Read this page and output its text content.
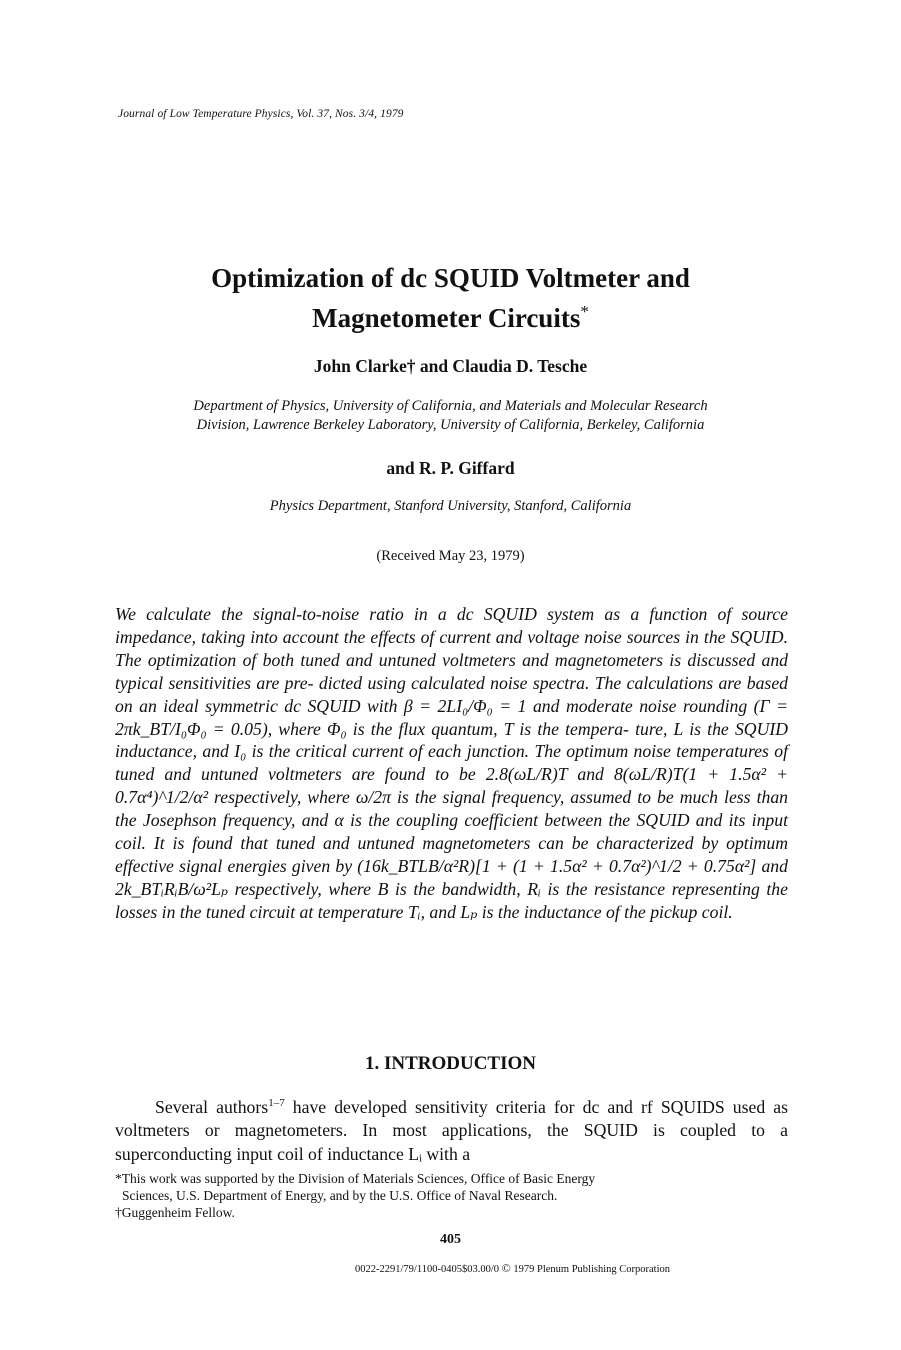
Journal of Low Temperature Physics, Vol. 37, Nos. 3/4, 1979
Optimization of dc SQUID Voltmeter and
Magnetometer Circuits*
John Clarke† and Claudia D. Tesche
Department of Physics, University of California, and Materials and Molecular Research
Division, Lawrence Berkeley Laboratory, University of California, Berkeley, California
and R. P. Giffard
Physics Department, Stanford University, Stanford, California
(Received May 23, 1979)

We calculate the signal-to-noise ratio in a dc SQUID system as a function of source impedance, taking into account the effects of current and voltage noise sources in the SQUID. The optimization of both tuned and untuned voltmeters and magnetometers is discussed and typical sensitivities are pre- dicted using calculated noise spectra. The calculations are based on an ideal symmetric dc SQUID with β = 2LI₀/Φ₀ = 1 and moderate noise rounding (Γ = 2πk_BT/I₀Φ₀ = 0.05), where Φ₀ is the flux quantum, T is the tempera- ture, L is the SQUID inductance, and I₀ is the critical current of each junction. The optimum noise temperatures of tuned and untuned voltmeters are found to be 2.8(ωL/R)T and 8(ωL/R)T(1 + 1.5α² + 0.7α⁴)^1/2/α² respectively, where ω/2π is the signal frequency, assumed to be much less than the Josephson frequency, and α is the coupling coefficient between the SQUID and its input coil. It is found that tuned and untuned magnetometers can be characterized by optimum effective signal energies given by (16k_BTLB/α²R)[1 + (1 + 1.5α² + 0.7α²)^1/2 + 0.75α²] and 2k_BTᵢRᵢB/ω²Lₚ respectively, where B is the bandwidth, Rᵢ is the resistance representing the losses in the tuned circuit at temperature Tᵢ, and Lₚ is the inductance of the pickup coil.

1. INTRODUCTION

Several authors$^{1-7}$ have developed sensitivity criteria for dc and rf SQUIDS used as voltmeters or magnetometers. In most applications, the SQUID is coupled to a superconducting input coil of inductance Lᵢ with a

*This work was supported by the Division of Materials Sciences, Office of Basic Energy
Sciences, U.S. Department of Energy, and by the U.S. Office of Naval Research.
†Guggenheim Fellow.
405
0022-2291/79/1100-0405$03.00/0 © 1979 Plenum Publishing Corporation
